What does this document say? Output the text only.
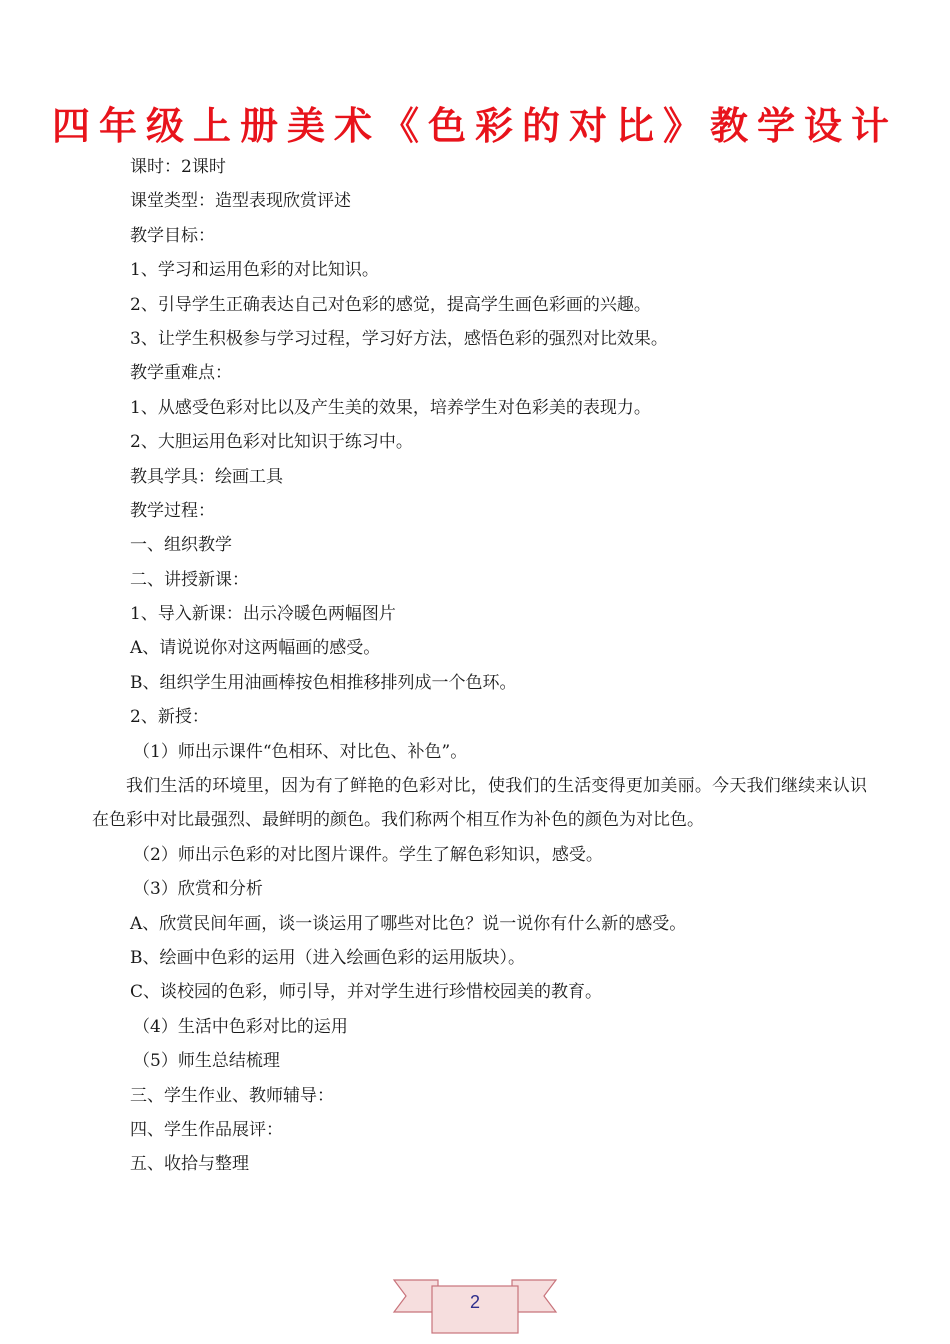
四年级上册美术《色彩的对比》教学设计
课时：2课时
课堂类型：造型表现欣赏评述
教学目标：
1、学习和运用色彩的对比知识。
2、引导学生正确表达自己对色彩的感觉，提高学生画色彩画的兴趣。
3、让学生积极参与学习过程，学习好方法，感悟色彩的强烈对比效果。
教学重难点：
1、从感受色彩对比以及产生美的效果，培养学生对色彩美的表现力。
2、大胆运用色彩对比知识于练习中。
教具学具：绘画工具
教学过程：
一、组织教学
二、讲授新课：
1、导入新课：出示冷暖色两幅图片
A、请说说你对这两幅画的感受。
B、组织学生用油画棒按色相推移排列成一个色环。
2、新授：
（1）师出示课件“色相环、对比色、补色”。
我们生活的环境里，因为有了鲜艳的色彩对比，使我们的生活变得更加美丽。今天我们继续来认识在色彩中对比最强烈、最鲜明的颜色。我们称两个相互作为补色的颜色为对比色。
（2）师出示色彩的对比图片课件。学生了解色彩知识，感受。
（3）欣赏和分析
A、欣赏民间年画，谈一谈运用了哪些对比色？说一说你有什么新的感受。
B、绘画中色彩的运用（进入绘画色彩的运用版块）。
C、谈校园的色彩，师引导，并对学生进行珍惜校园美的教育。
（4）生活中色彩对比的运用
（5）师生总结梳理
三、学生作业、教师辅导：
四、学生作品展评：
五、收拾与整理
2
